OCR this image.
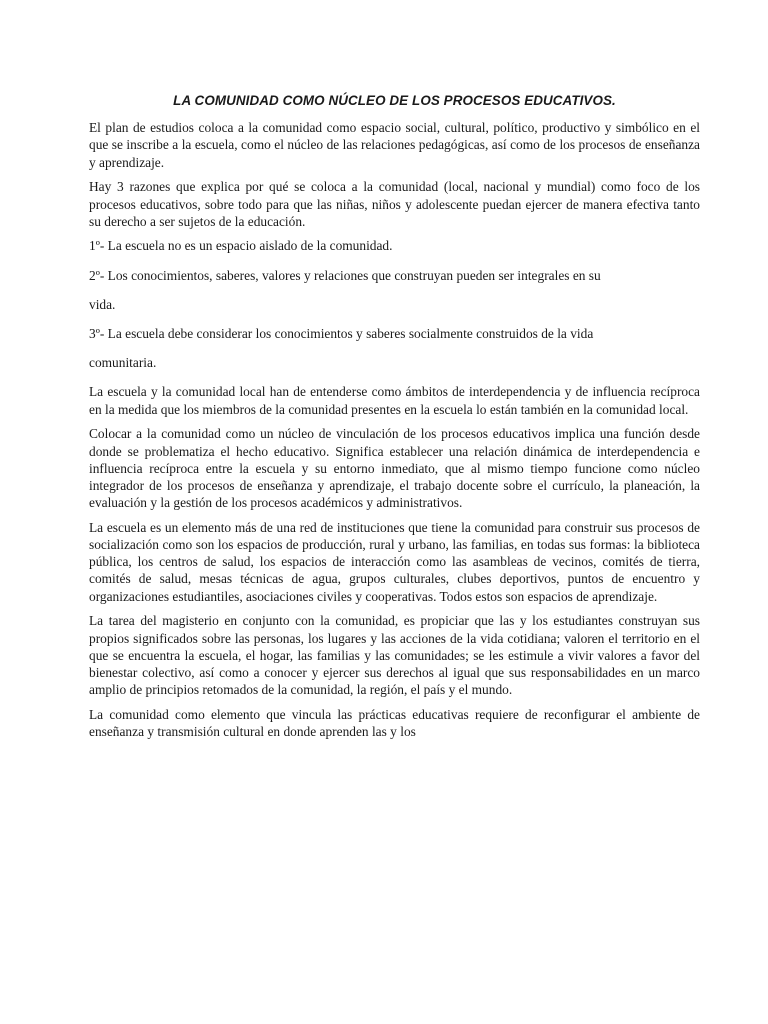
LA COMUNIDAD COMO NÚCLEO DE LOS PROCESOS EDUCATIVOS.

El plan de estudios coloca a la comunidad como espacio social, cultural, político, productivo y simbólico en el que se inscribe a la escuela, como el núcleo de las relaciones pedagógicas, así como de los procesos de enseñanza y aprendizaje.

Hay 3 razones que explica por qué se coloca a la comunidad (local, nacional y mundial) como foco de los procesos educativos, sobre todo para que las niñas, niños y adolescente puedan ejercer de manera efectiva tanto su derecho a ser sujetos de la educación.

1º- La escuela no es un espacio aislado de la comunidad.
2º- Los conocimientos, saberes, valores y relaciones que construyan pueden ser integrales en su
vida.
3º- La escuela debe considerar los conocimientos y saberes socialmente construidos de la vida
comunitaria.

La escuela y la comunidad local han de entenderse como ámbitos de interdependencia y de influencia recíproca en la medida que los miembros de la comunidad presentes en la escuela lo están también en la comunidad local.

Colocar a la comunidad como un núcleo de vinculación de los procesos educativos implica una función desde donde se problematiza el hecho educativo. Significa establecer una relación dinámica de interdependencia e influencia recíproca entre la escuela y su entorno inmediato, que al mismo tiempo funcione como núcleo integrador de los procesos de enseñanza y aprendizaje, el trabajo docente sobre el currículo, la planeación, la evaluación y la gestión de los procesos académicos y administrativos.

La escuela es un elemento más de una red de instituciones que tiene la comunidad para construir sus procesos de socialización como son los espacios de producción, rural y urbano, las familias, en todas sus formas: la biblioteca pública, los centros de salud, los espacios de interacción como las asambleas de vecinos, comités de tierra, comités de salud, mesas técnicas de agua, grupos culturales, clubes deportivos, puntos de encuentro y organizaciones estudiantiles, asociaciones civiles y cooperativas. Todos estos son espacios de aprendizaje.

La tarea del magisterio en conjunto con la comunidad, es propiciar que las y los estudiantes construyan sus propios significados sobre las personas, los lugares y las acciones de la vida cotidiana; valoren el territorio en el que se encuentra la escuela, el hogar, las familias y las comunidades; se les estimule a vivir valores a favor del bienestar colectivo, así como a conocer y ejercer sus derechos al igual que sus responsabilidades en un marco amplio de principios retomados de la comunidad, la región, el país y el mundo.

La comunidad como elemento que vincula las prácticas educativas requiere de reconfigurar el ambiente de enseñanza y transmisión cultural en donde aprenden las y los
